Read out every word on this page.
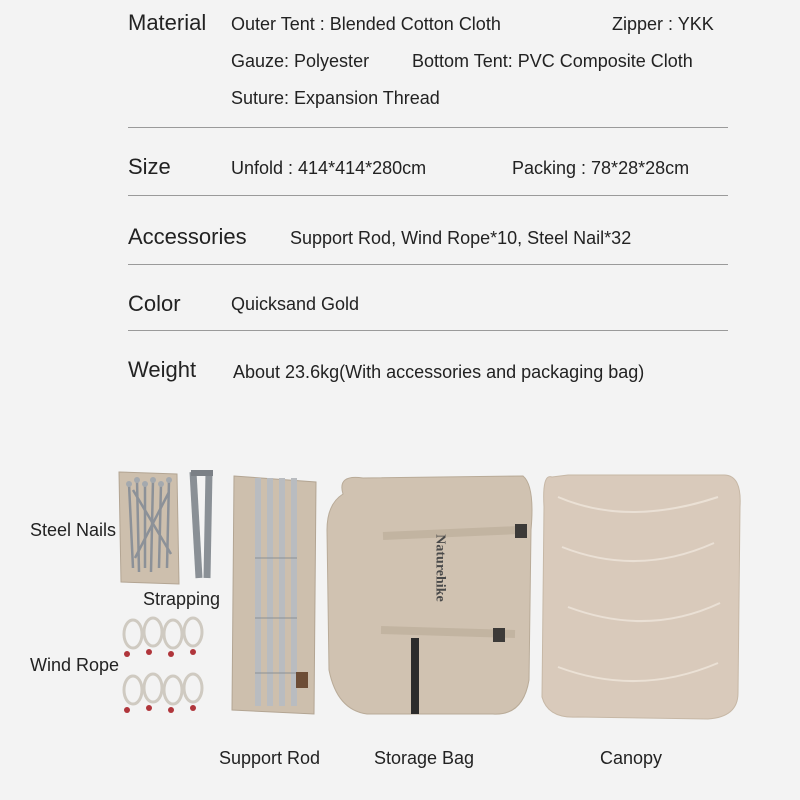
Material Outer Tent : Blended Cotton Cloth	Zipper : YKK
Gauze: Polyester Bottom Tent: PVC Composite Cloth
Suture: Expansion Thread
Size	Unfold : 414*414*280cm	Packing : 78*28*28cm
Accessories Support Rod, Wind Rope*10, Steel Nail*32
Color	Quicksand Gold
Weight About 23.6kg(With accessories and packaging bag)
Steel Nails
Strapping
Wind Rope
Support Rod
Naturehike
Storage Bag	Canopy
